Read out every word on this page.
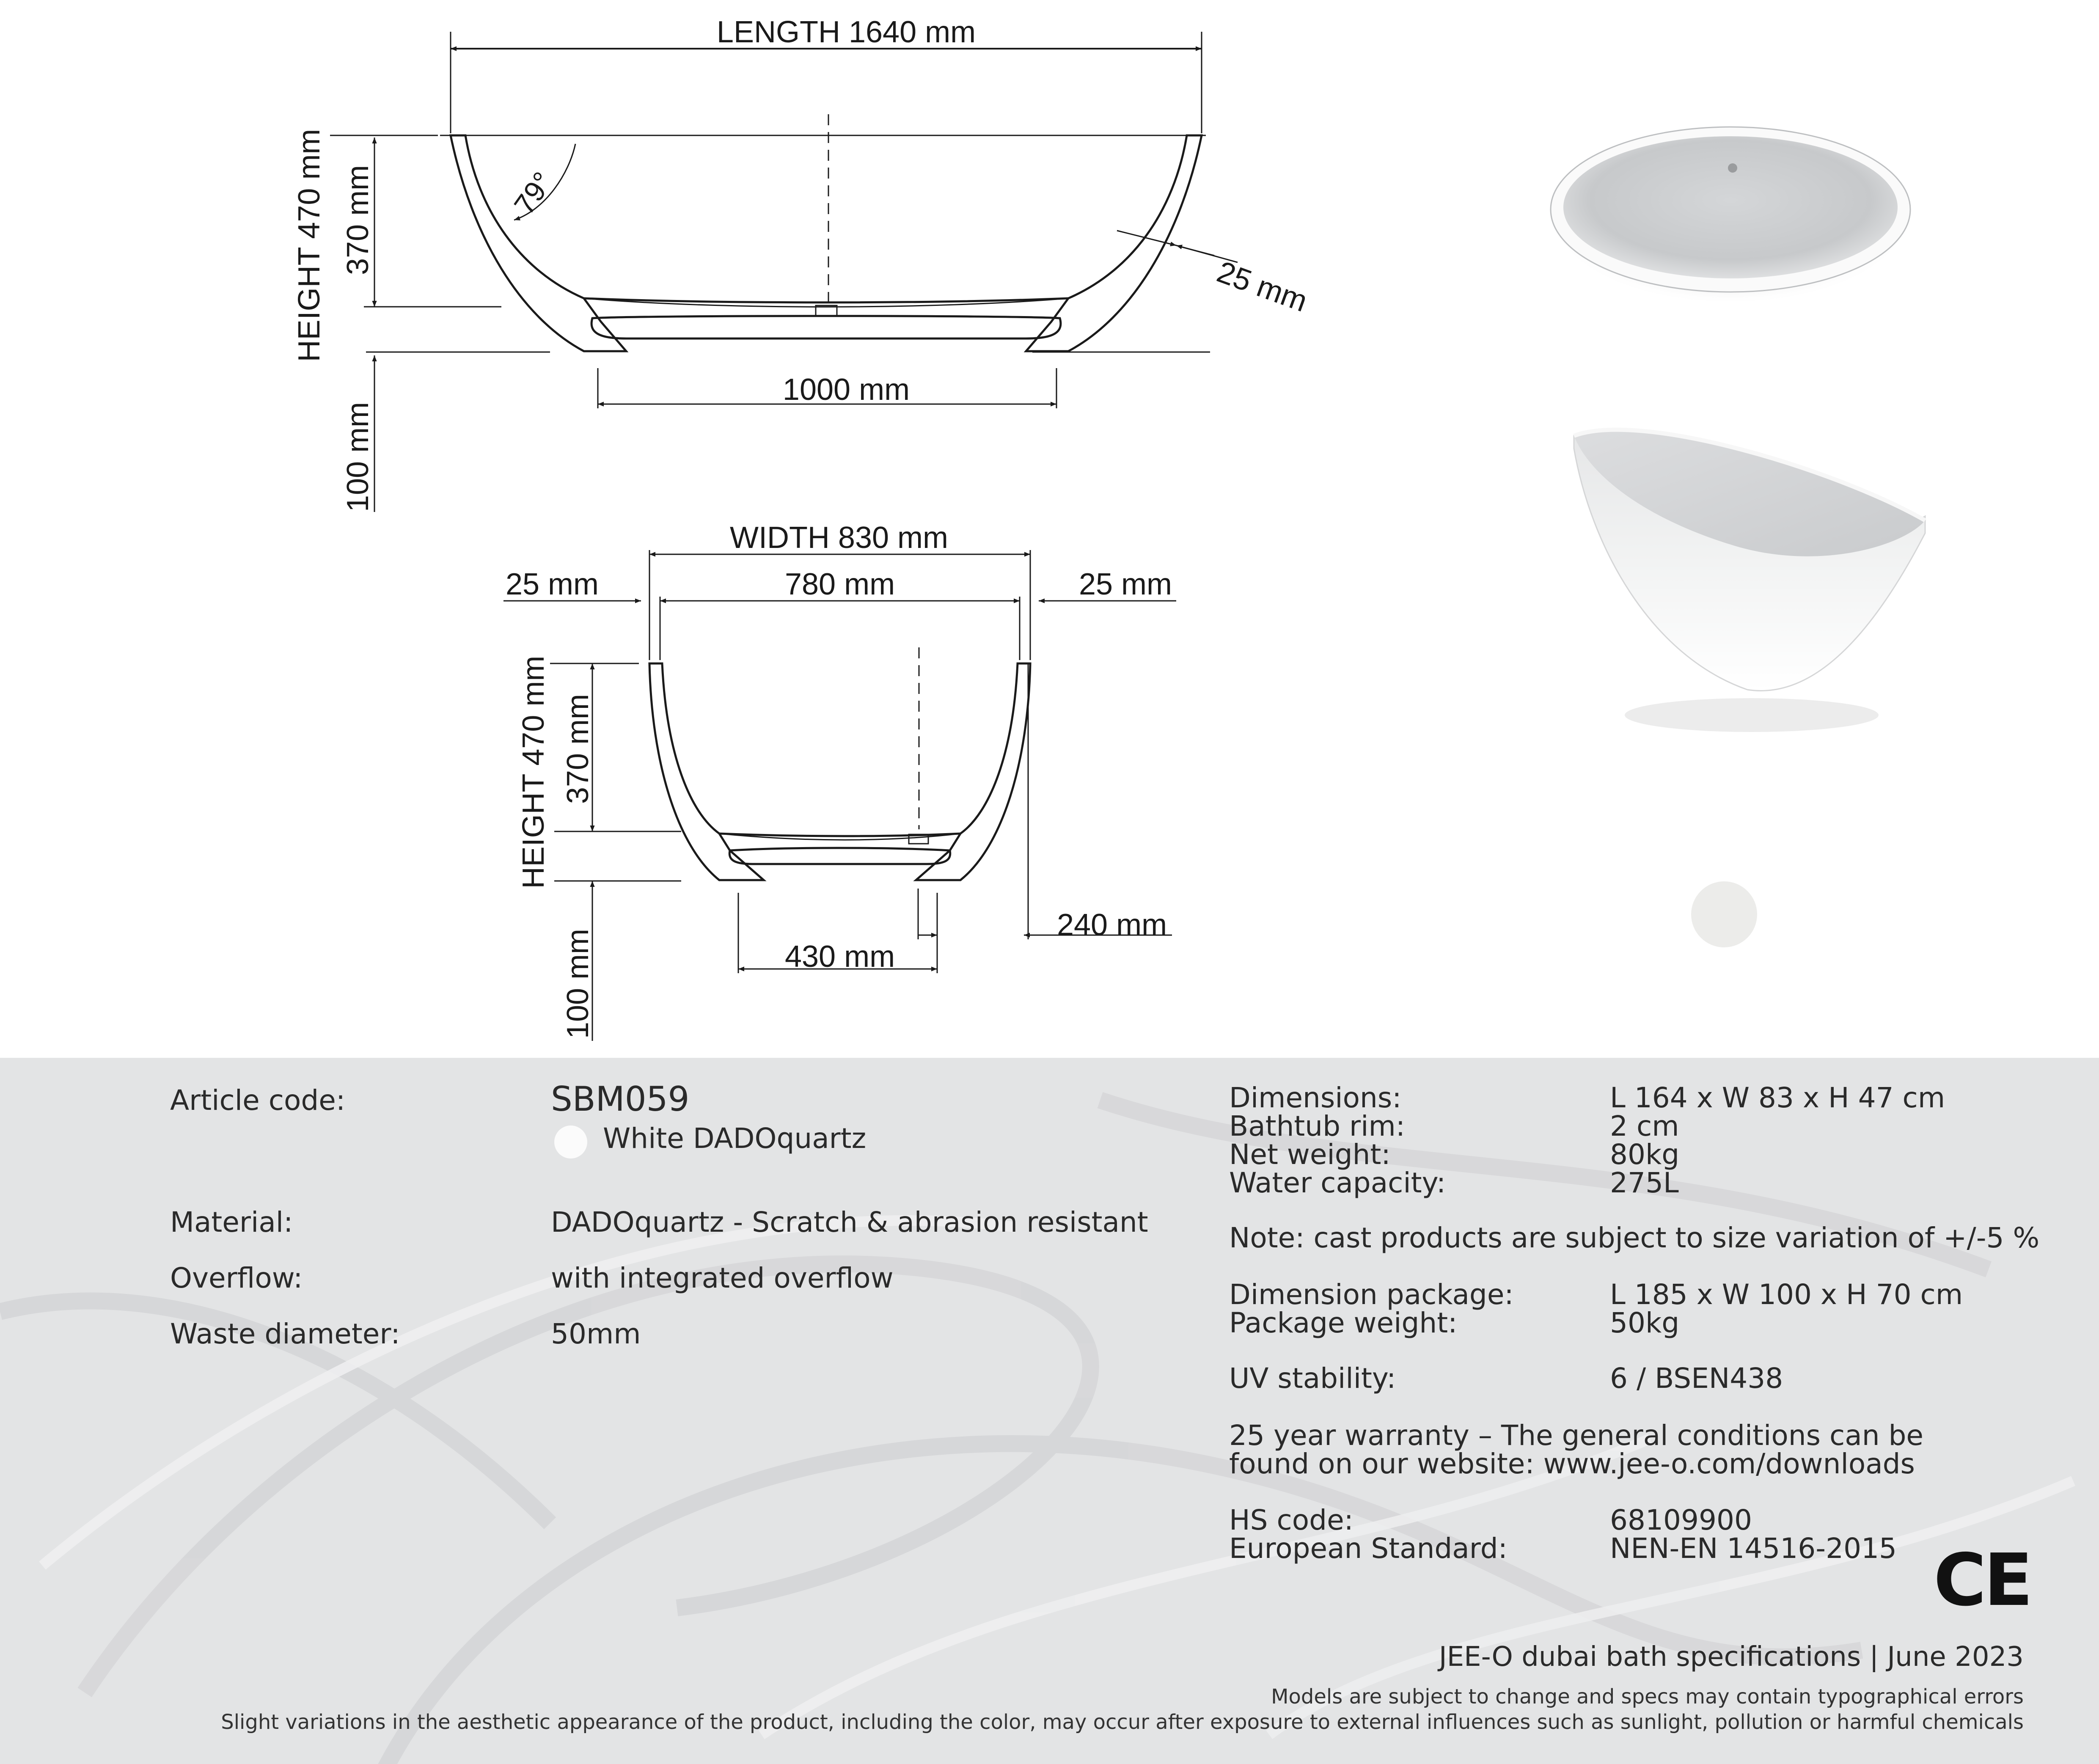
LENGTH 1640 mm
HEIGHT 470 mm 370 mm
100 mm
79°
25 mm
1000 mm
WIDTH 830 mm
25 mm	780 mm	25 mm
HEIGHT 470 mm 370 mm
100 mm	430 mm
240 mm
Article code:	SBM059
White DADOquartz
Material:	DADOquartz - Scratch & abrasion resistant
Overflow:	with integrated overflow
Waste diameter:	50mm
Dimensions:	L 164 x W 83 x H 47 cm
Bathtub rim:	2 cm
Net weight:	80kg
Water capacity:	275L
Note: cast products are subject to size variation of +/-5 %
Dimension package:	L 185 x W 100 x H 70 cm
Package weight:	50kg
UV stability:	6 / BSEN438
25 year warranty – The general conditions can be
found on our website: www.jee-o.com/downloads
HS code:	68109900
European Standard:	NEN-EN 14516-2015 CE
JEE-O dubai bath specifications | June 2023
Models are subject to change and specs may contain typographical errors
Slight variations in the aesthetic appearance of the product, including the color, may occur after exposure to external influences such as sunlight, pollution or harmful chemicals
